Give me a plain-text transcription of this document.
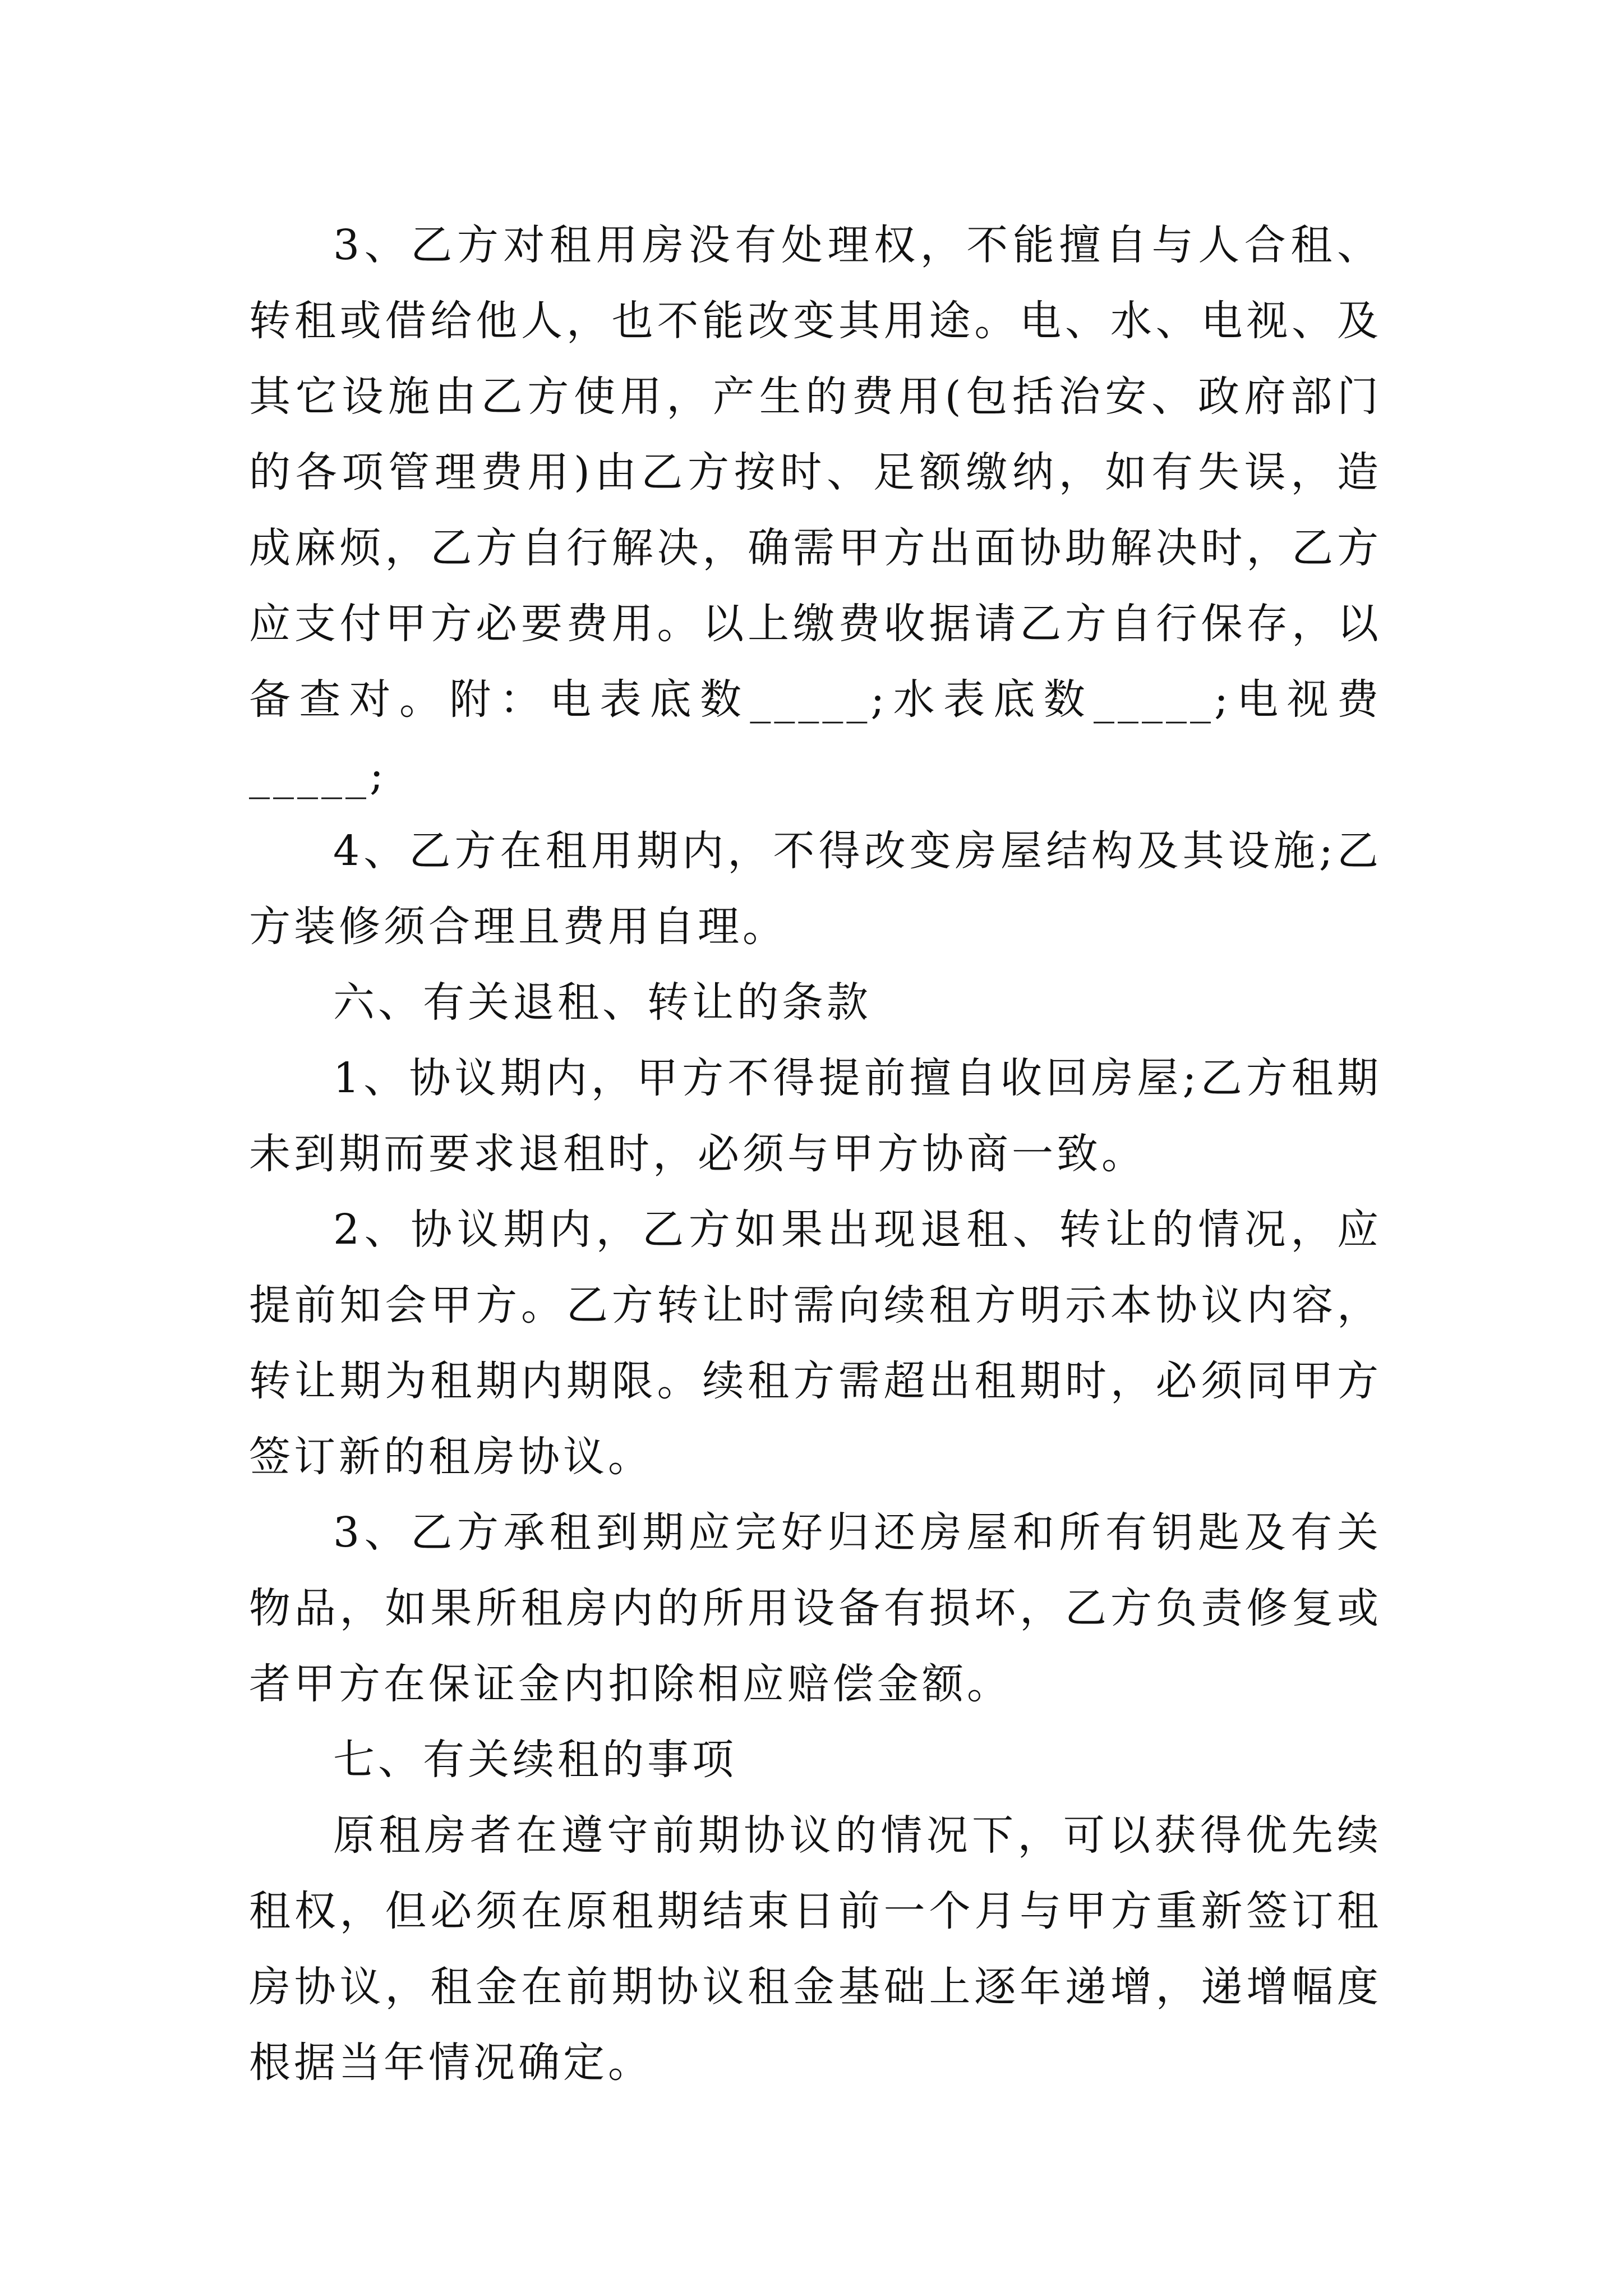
3、乙方对租用房没有处理权，不能擅自与人合租、转租或借给他人，也不能改变其用途。电、水、电视、及其它设施由乙方使用，产生的费用(包括治安、政府部门的各项管理费用)由乙方按时、足额缴纳，如有失误，造成麻烦，乙方自行解决，确需甲方出面协助解决时，乙方应支付甲方必要费用。以上缴费收据请乙方自行保存，以备查对。附：电表底数_____;水表底数_____;电视费_____;

4、乙方在租用期内，不得改变房屋结构及其设施;乙方装修须合理且费用自理。

六、有关退租、转让的条款

1、协议期内，甲方不得提前擅自收回房屋;乙方租期未到期而要求退租时，必须与甲方协商一致。

2、协议期内，乙方如果出现退租、转让的情况，应提前知会甲方。乙方转让时需向续租方明示本协议内容，转让期为租期内期限。续租方需超出租期时，必须同甲方签订新的租房协议。

3、乙方承租到期应完好归还房屋和所有钥匙及有关物品，如果所租房内的所用设备有损坏，乙方负责修复或者甲方在保证金内扣除相应赔偿金额。

七、有关续租的事项

原租房者在遵守前期协议的情况下，可以获得优先续租权，但必须在原租期结束日前一个月与甲方重新签订租房协议，租金在前期协议租金基础上逐年递增，递增幅度根据当年情况确定。
